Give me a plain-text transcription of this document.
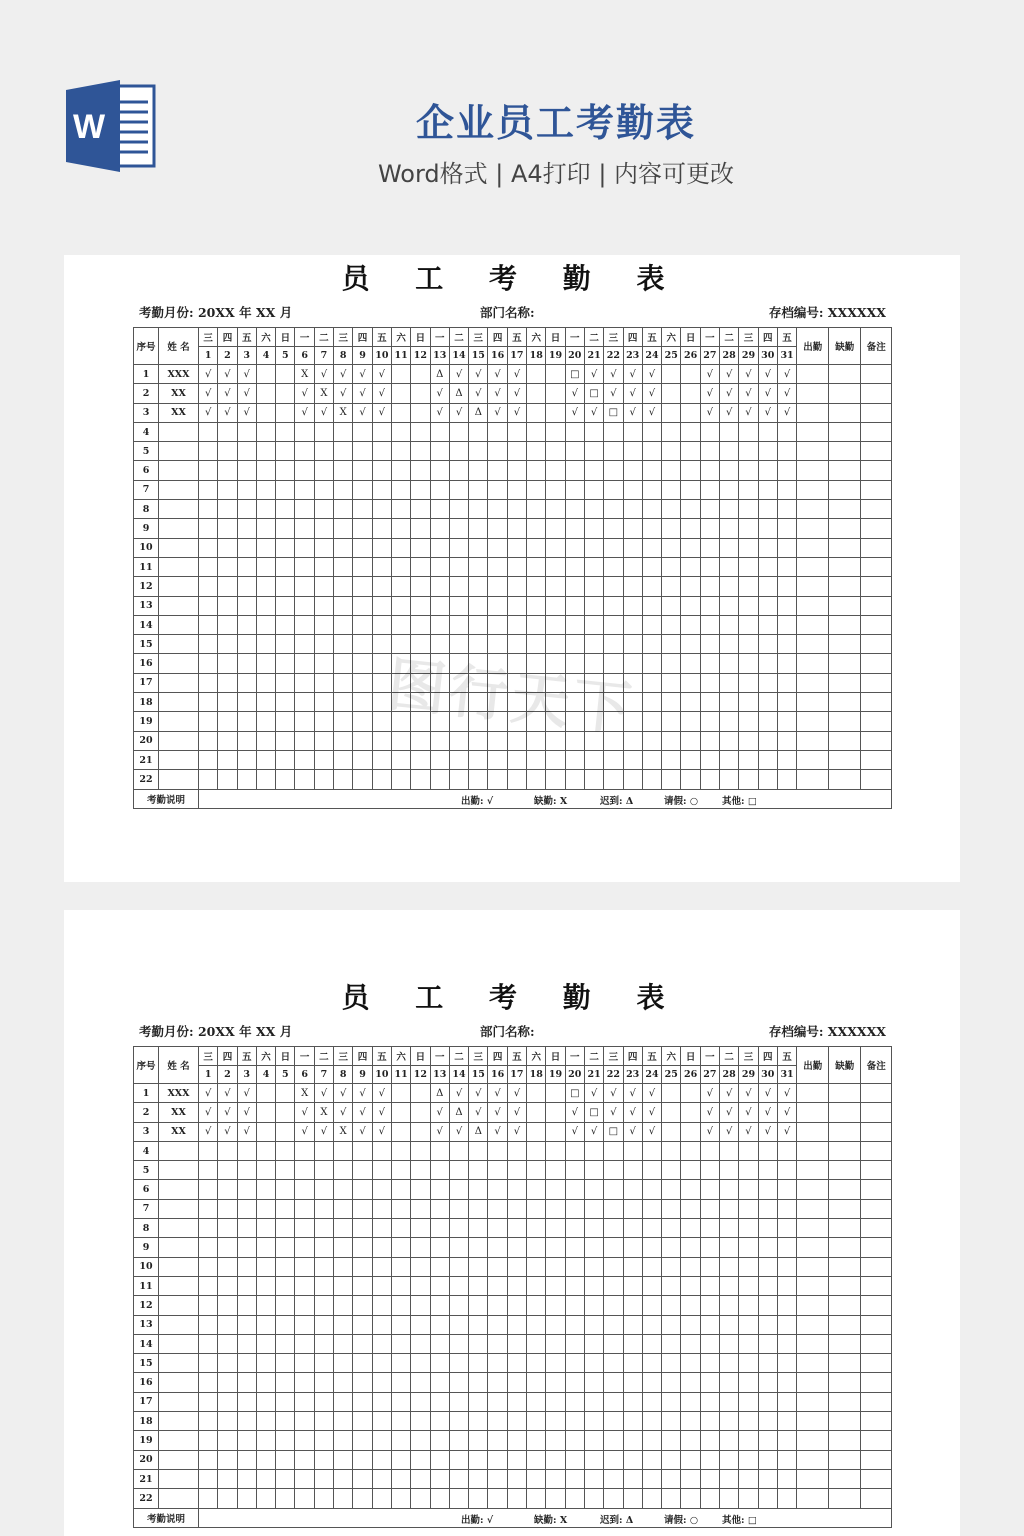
W	企业员工考勤表
Word格式 | A4打印 | 内容可更改
员 工 考 勤 表
考勤月份: 20XX 年 XX 月	部门名称:	存档编号: XXXXXX
序号	姓 名	三	四	五	六	日	一	二	三	四	五	六	日	一	二	三	四	五	六	日	一	二	三	四	五	六	日	一	二	三	四	五	出勤	缺勤	备注
		1	2	3	4	5	6	7	8	9	10	11	12	13	14	15	16	17	18	19	20	21	22	23	24	25	26	27	28	29	30	31			
1	XXX	√	√	√			X	√	√	√	√			Δ	√	√	√	√			□	√	√	√	√			√	√	√	√	√			
2	XX	√	√	√			√	X	√	√	√			√	Δ	√	√	√			√	□	√	√	√			√	√	√	√	√			
3	XX	√	√	√			√	√	X	√	√			√	√	Δ	√	√			√	√	□	√	√			√	√	√	√	√			
4																																			
5																																			
6																																			
7																																			
8																																			
9																																			
10																																			
11																																			
12																																			
13																																			
14																																			
15																																			
16																																			
17																																			
18																																			
19																																			
20																																			
21																																			
22																																			
考勤说明		出勤: √ 缺勤: X 迟到: Δ 请假: ○ 其他: □																																	
员 工 考 勤 表
考勤月份: 20XX 年 XX 月	部门名称:	存档编号: XXXXXX
序号	姓 名	三	四	五	六	日	一	二	三	四	五	六	日	一	二	三	四	五	六	日	一	二	三	四	五	六	日	一	二	三	四	五	出勤	缺勤	备注
		1	2	3	4	5	6	7	8	9	10	11	12	13	14	15	16	17	18	19	20	21	22	23	24	25	26	27	28	29	30	31			
1	XXX	√	√	√			X	√	√	√	√			Δ	√	√	√	√			□	√	√	√	√			√	√	√	√	√			
2	XX	√	√	√			√	X	√	√	√			√	Δ	√	√	√			√	□	√	√	√			√	√	√	√	√			
3	XX	√	√	√			√	√	X	√	√			√	√	Δ	√	√			√	√	□	√	√			√	√	√	√	√			
4																																			
5																																			
6																																			
7																																			
8																																			
9																																			
10																																			
11																																			
12																																			
13																																			
14																																			
15																																			
16																																			
17																																			
18																																			
19																																			
20																																			
21																																			
22																																			
考勤说明		出勤: √ 缺勤: X 迟到: Δ 请假: ○ 其他: □																																	
